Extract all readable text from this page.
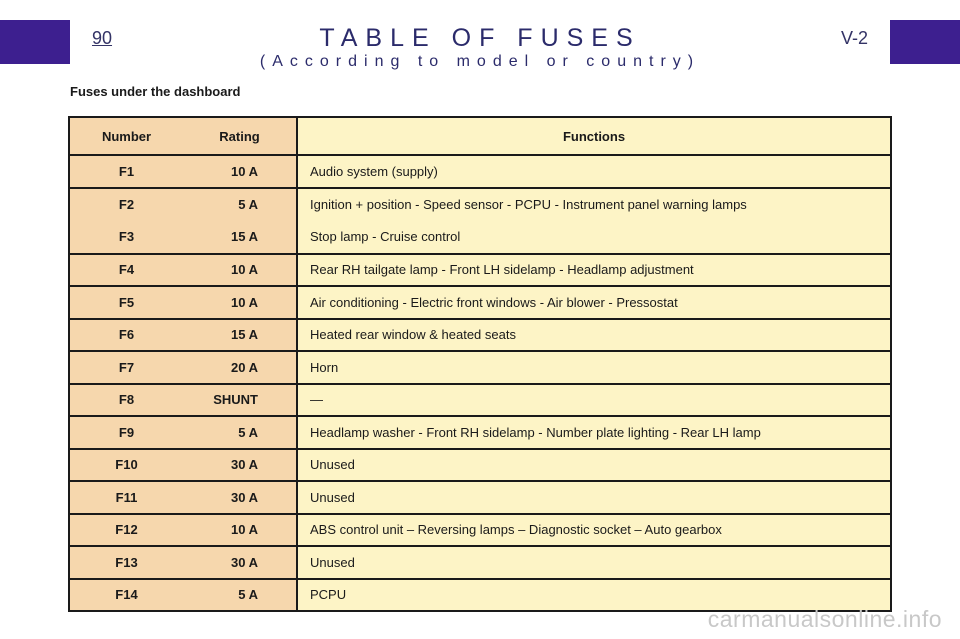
90	V-2
TABLE OF FUSES
(According to model or country)
Fuses under the dashboard
Number	Rating	Functions
F1	10 A	Audio system (supply)
F2	5 A	Ignition + position - Speed sensor - PCPU - Instrument panel warning lamps
F3	15 A	Stop lamp - Cruise control
F4	10 A	Rear RH tailgate lamp - Front LH sidelamp - Headlamp adjustment
F5	10 A	Air conditioning - Electric front windows - Air blower - Pressostat
F6	15 A	Heated rear window & heated seats
F7	20 A	Horn
F8	SHUNT	—
F9	5 A	Headlamp washer - Front RH sidelamp - Number plate lighting - Rear LH lamp
F10	30 A	Unused
F11	30 A	Unused
F12	10 A	ABS control unit – Reversing lamps – Diagnostic socket – Auto gearbox
F13	30 A	Unused
F14	5 A	PCPU
carmanualsonline.info
